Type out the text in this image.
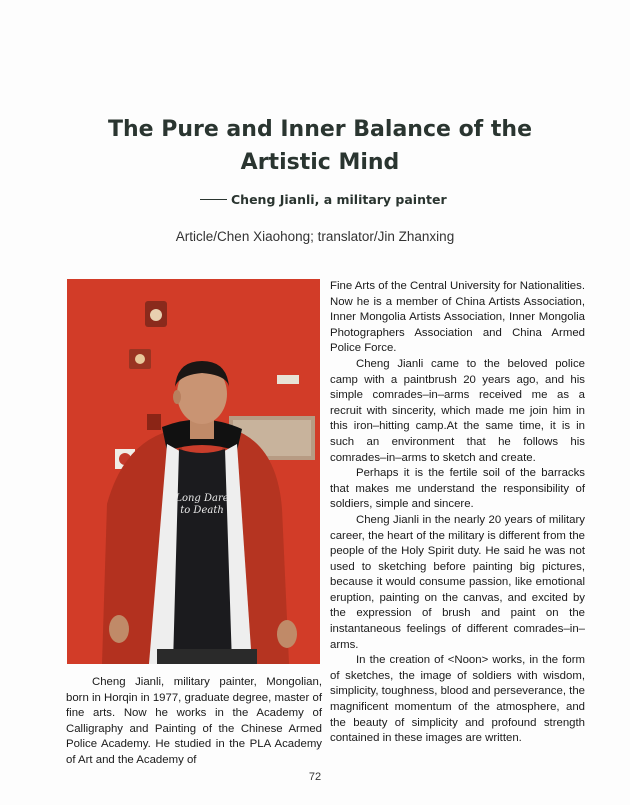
The Pure and Inner Balance of the Artistic Mind
Cheng Jianli, a military painter
Article/Chen Xiaohong; translator/Jin Zhanxing
Long Dare
to Death

Cheng Jianli, military painter, Mongolian, born in Horqin in 1977, graduate degree, master of fine arts. Now he works in the Academy of Calligraphy and Painting of the Chinese Armed Police Academy. He studied in the PLA Academy of Art and the Academy of

Fine Arts of the Central University for Nationalities. Now he is a member of China Artists Association, Inner Mongolia Artists Association, Inner Mongolia Photographers Association and China Armed Police Force.

Cheng Jianli came to the beloved police camp with a paintbrush 20 years ago, and his simple comrades–in–arms received me as a recruit with sincerity, which made me join him in this iron–hitting camp.At the same time, it is in such an environment that he follows his comrades–in–arms to sketch and create.

Perhaps it is the fertile soil of the barracks that makes me understand the responsibility of soldiers, simple and sincere.

Cheng Jianli in the nearly 20 years of military career, the heart of the military is different from the people of the Holy Spirit duty. He said he was not used to sketching before painting big pictures, because it would consume passion, like emotional eruption, painting on the canvas, and excited by the expression of brush and paint on the instantaneous feelings of different comrades–in–arms.

In the creation of <Noon> works, in the form of sketches, the image of soldiers with wisdom, simplicity, toughness, blood and perseverance, the magnificent momentum of the atmosphere, and the beauty of simplicity and profound strength contained in these images are written.

72
